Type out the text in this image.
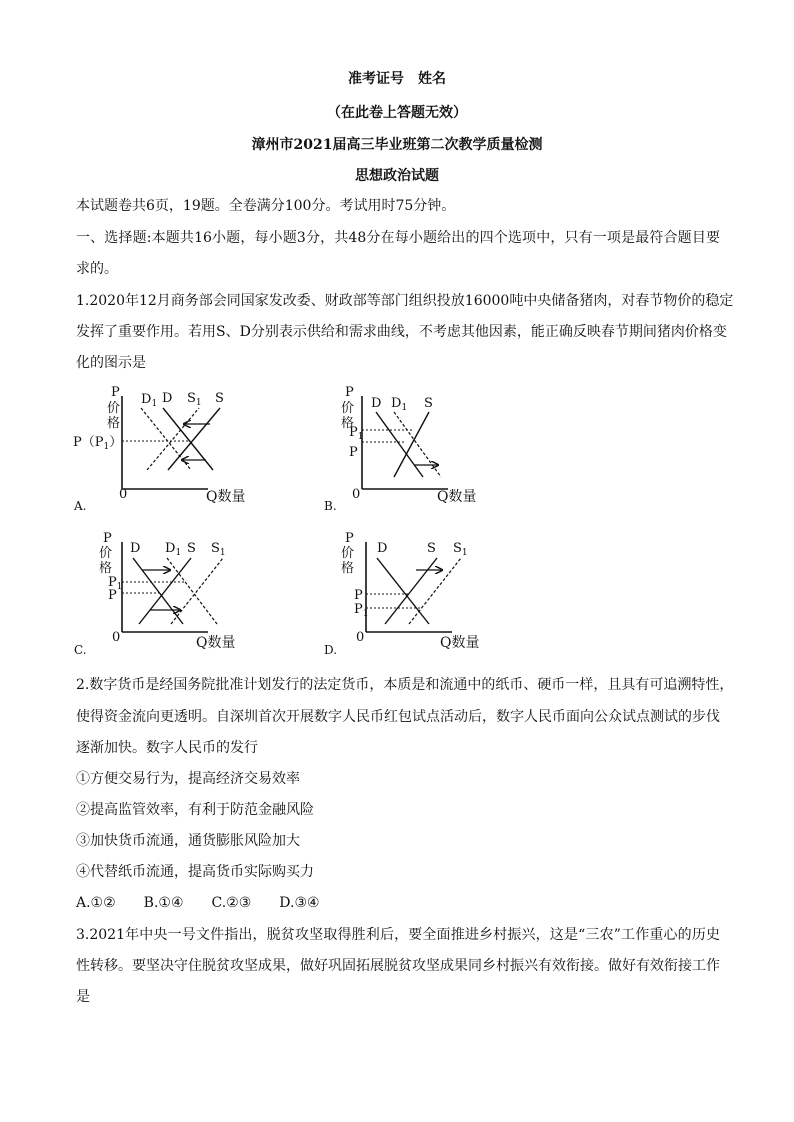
准考证号　姓名
（在此卷上答题无效）
漳州市2021届高三毕业班第二次教学质量检测
思想政治试题
本试题卷共6页，19题。全卷满分100分。考试用时75分钟。
一、选择题:本题共16小题，每小题3分，共48分在每小题给出的四个选项中，只有一项是最符合题目要
求的。
1.2020年12月商务部会同国家发改委、财政部等部门组织投放16000吨中央储备猪肉，对春节物价的稳定
发挥了重要作用。若用S、D分别表示供给和需求曲线，不考虑其他因素，能正确反映春节期间猪肉价格变
化的图示是
P
价
格
$P(P_1)$
0	Q数量
$D_1$ D $S_1$ S
A.
P
价
格
$P_1$
P
0	Q数量
D $D_1$ S
B.
P
价
格
$P_1$
P
0	Q数量
D $D_1$ S $S_1$
C.
P
价
格
P
$P_1$
0	Q数量
D	S $S_1$
D.
2.数字货币是经国务院批准计划发行的法定货币，本质是和流通中的纸币、硬币一样，且具有可追溯特性，
使得资金流向更透明。自深圳首次开展数字人民币红包试点活动后，数字人民币面向公众试点测试的步伐
逐渐加快。数字人民币的发行
①方便交易行为，提高经济交易效率
②提高监管效率，有利于防范金融风险
③加快货币流通，通货膨胀风险加大
④代替纸币流通，提高货币实际购买力
A.①②　　B.①④　　C.②③　　D.③④
3.2021年中央一号文件指出，脱贫攻坚取得胜利后，要全面推进乡村振兴，这是“三农”工作重心的历史
性转移。要坚决守住脱贫攻坚成果，做好巩固拓展脱贫攻坚成果同乡村振兴有效衔接。做好有效衔接工作
是
